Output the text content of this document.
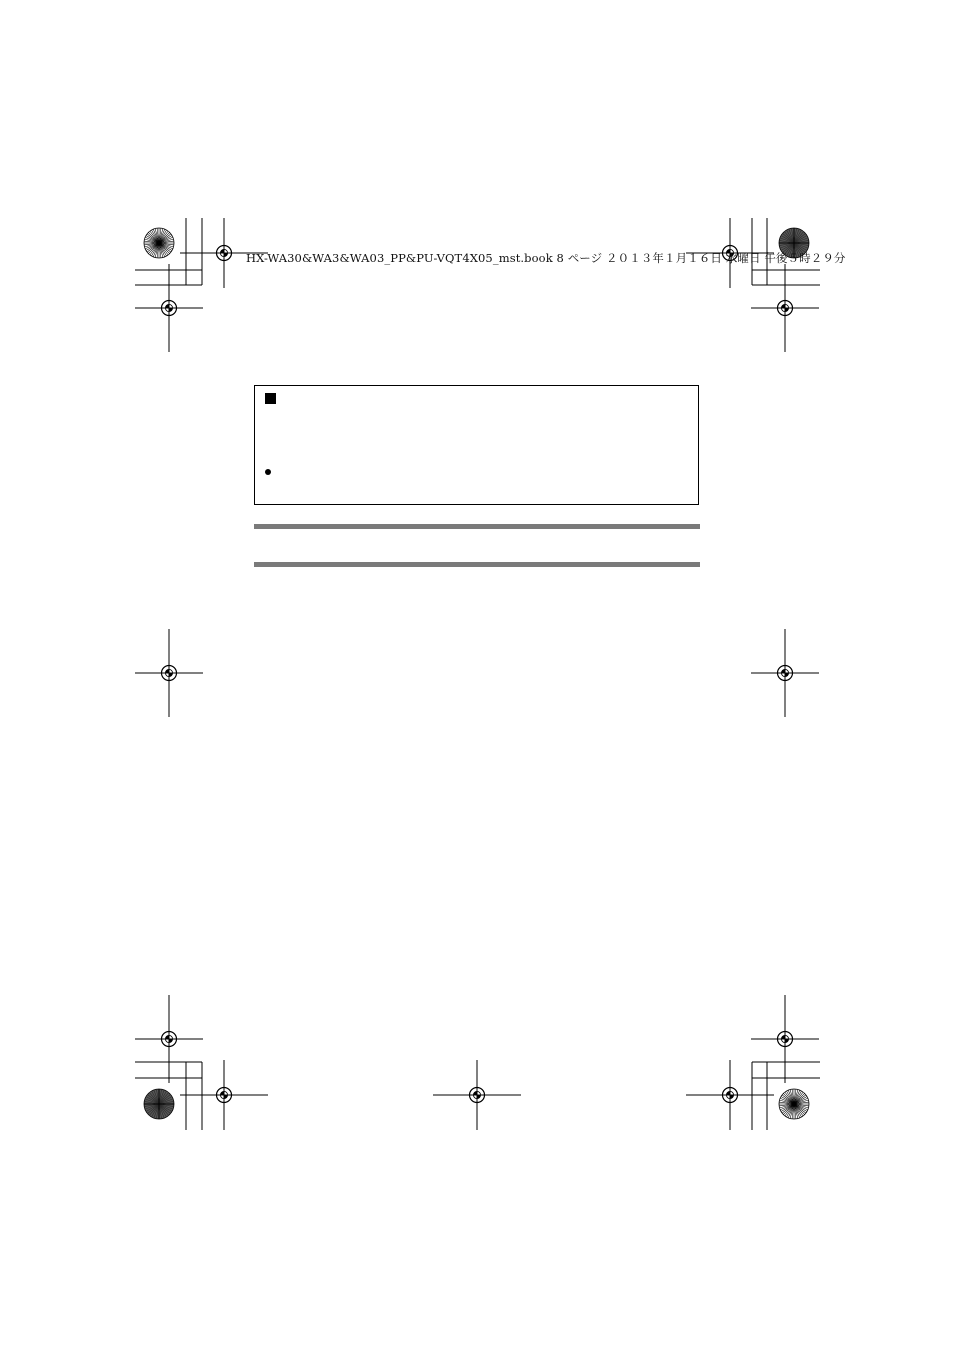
HX-WA30&WA3&WA03_PP&PU-VQT4X05_mst.book 8 ページ ２０１３年１月１６日 水曜日 午後５時２９分
